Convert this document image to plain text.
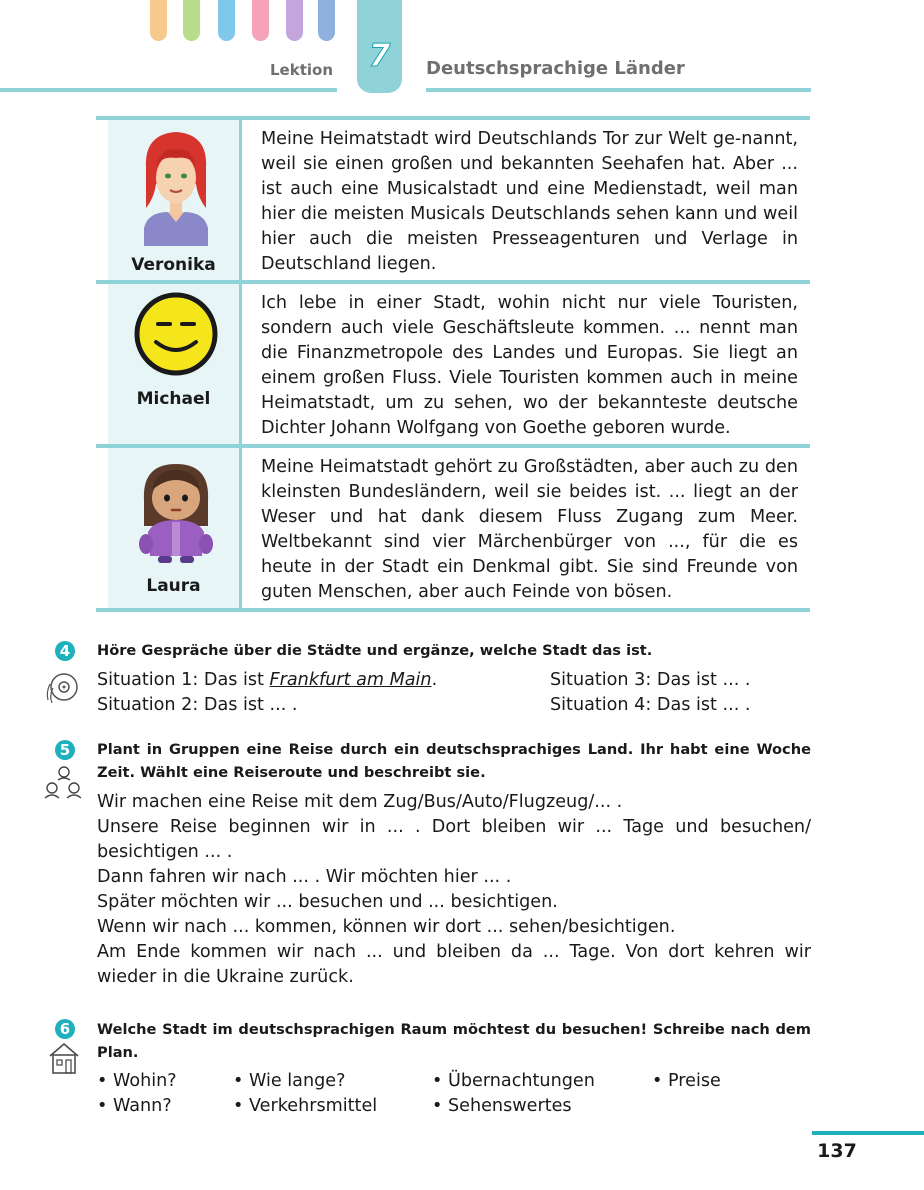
7
Lektion	Deutschsprachige Länder
Veronika
Meine Heimatstadt wird Deutschlands Tor zur Welt ge-nannt, weil sie einen großen und bekannten Seehafen hat. Aber ... ist auch eine Musicalstadt und eine Medienstadt, weil man hier die meisten Musicals Deutschlands sehen kann und weil hier auch die meisten Presseagenturen und Verlage in Deutschland liegen.
Michael
Ich lebe in einer Stadt, wohin nicht nur viele Touristen, sondern auch viele Geschäftsleute kommen. ... nennt man die Finanzmetropole des Landes und Europas. Sie liegt an einem großen Fluss. Viele Touristen kommen auch in meine Heimatstadt, um zu sehen, wo der bekannteste deutsche Dichter Johann Wolfgang von Goethe geboren wurde.
Laura
Meine Heimatstadt gehört zu Großstädten, aber auch zu den kleinsten Bundesländern, weil sie beides ist. ... liegt an der Weser und hat dank diesem Fluss Zugang zum Meer. Weltbekannt sind vier Märchenbürger von ..., für die es heute in der Stadt ein Denkmal gibt. Sie sind Freunde von guten Menschen, aber auch Feinde von bösen.
4	Höre Gespräche über die Städte und ergänze, welche Stadt das ist.
Situation 1: Das ist Frankfurt am Main.
Situation 2: Das ist ... .
Situation 3: Das ist ... .
Situation 4: Das ist ... .
5	Plant in Gruppen eine Reise durch ein deutschsprachiges Land. Ihr habt eine Woche Zeit. Wählt eine Reiseroute und beschreibt sie.
Wir machen eine Reise mit dem Zug/Bus/Auto/Flugzeug/... .
Unsere Reise beginnen wir in ... . Dort bleiben wir ... Tage und besuchen/ besichtigen ... .
Dann fahren wir nach ... . Wir möchten hier ... .
Später möchten wir ... besuchen und ... besichtigen.
Wenn wir nach ... kommen, können wir dort ... sehen/besichtigen.
Am Ende kommen wir nach ... und bleiben da ... Tage. Von dort kehren wir wieder in die Ukraine zurück.
6	Welche Stadt im deutschsprachigen Raum möchtest du besuchen! Schreibe nach dem Plan.
• Wohin?
• Wann?
• Wie lange?
• Verkehrsmittel
• Übernachtungen
• Sehenswertes
• Preise
137
